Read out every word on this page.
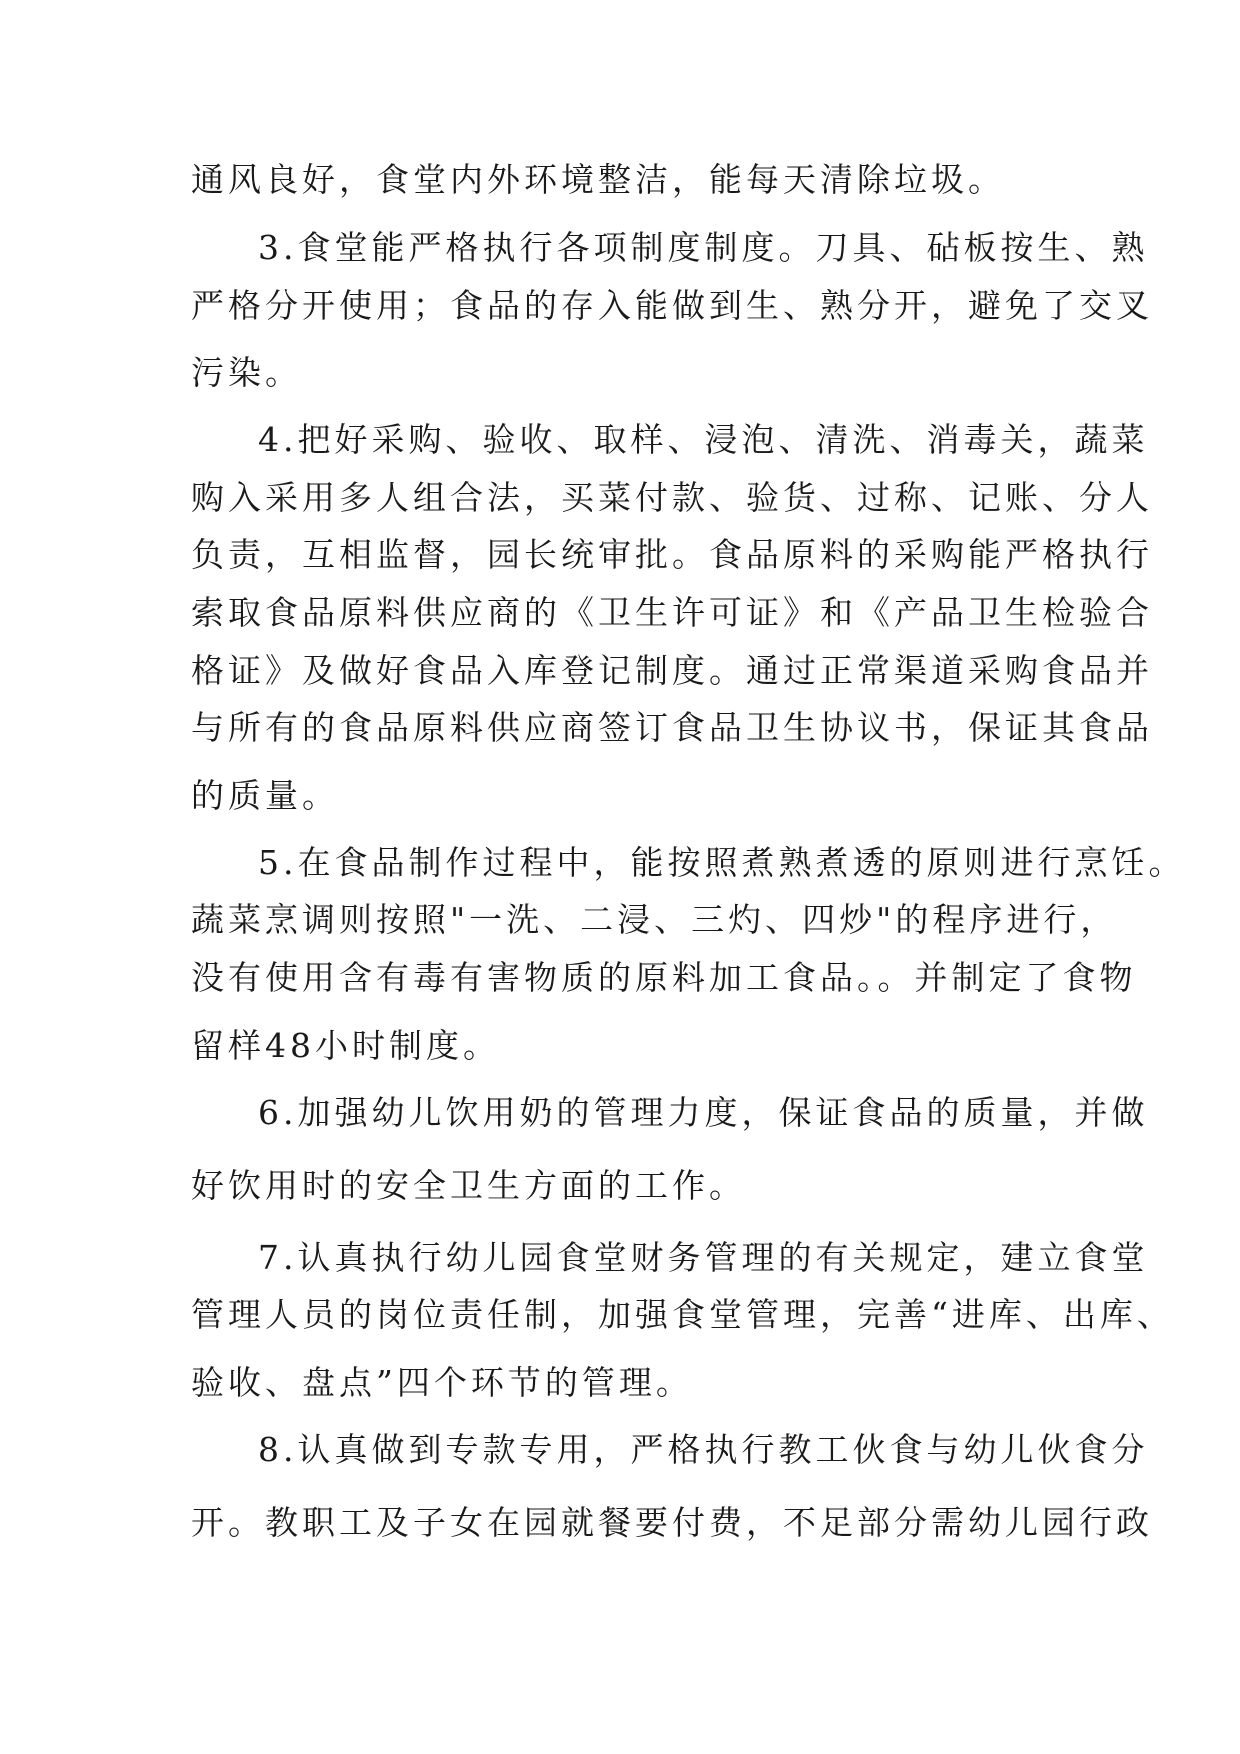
通风良好，食堂内外环境整洁，能每天清除垃圾。
3.食堂能严格执行各项制度制度。刀具、砧板按生、熟
严格分开使用；食品的存入能做到生、熟分开，避免了交叉
污染。
4.把好采购、验收、取样、浸泡、清洗、消毒关，蔬菜
购入采用多人组合法，买菜付款、验货、过称、记账、分人
负责，互相监督，园长统审批。食品原料的采购能严格执行
索取食品原料供应商的《卫生许可证》和《产品卫生检验合
格证》及做好食品入库登记制度。通过正常渠道采购食品并
与所有的食品原料供应商签订食品卫生协议书，保证其食品
的质量。
5.在食品制作过程中，能按照煮熟煮透的原则进行烹饪。
蔬菜烹调则按照"一洗、二浸、三灼、四炒"的程序进行，
没有使用含有毒有害物质的原料加工食品。。并制定了食物
留样48小时制度。
6.加强幼儿饮用奶的管理力度，保证食品的质量，并做
好饮用时的安全卫生方面的工作。
7.认真执行幼儿园食堂财务管理的有关规定，建立食堂
管理人员的岗位责任制，加强食堂管理，完善“进库、出库、
验收、盘点”四个环节的管理。
8.认真做到专款专用，严格执行教工伙食与幼儿伙食分
开。教职工及子女在园就餐要付费，不足部分需幼儿园行政
